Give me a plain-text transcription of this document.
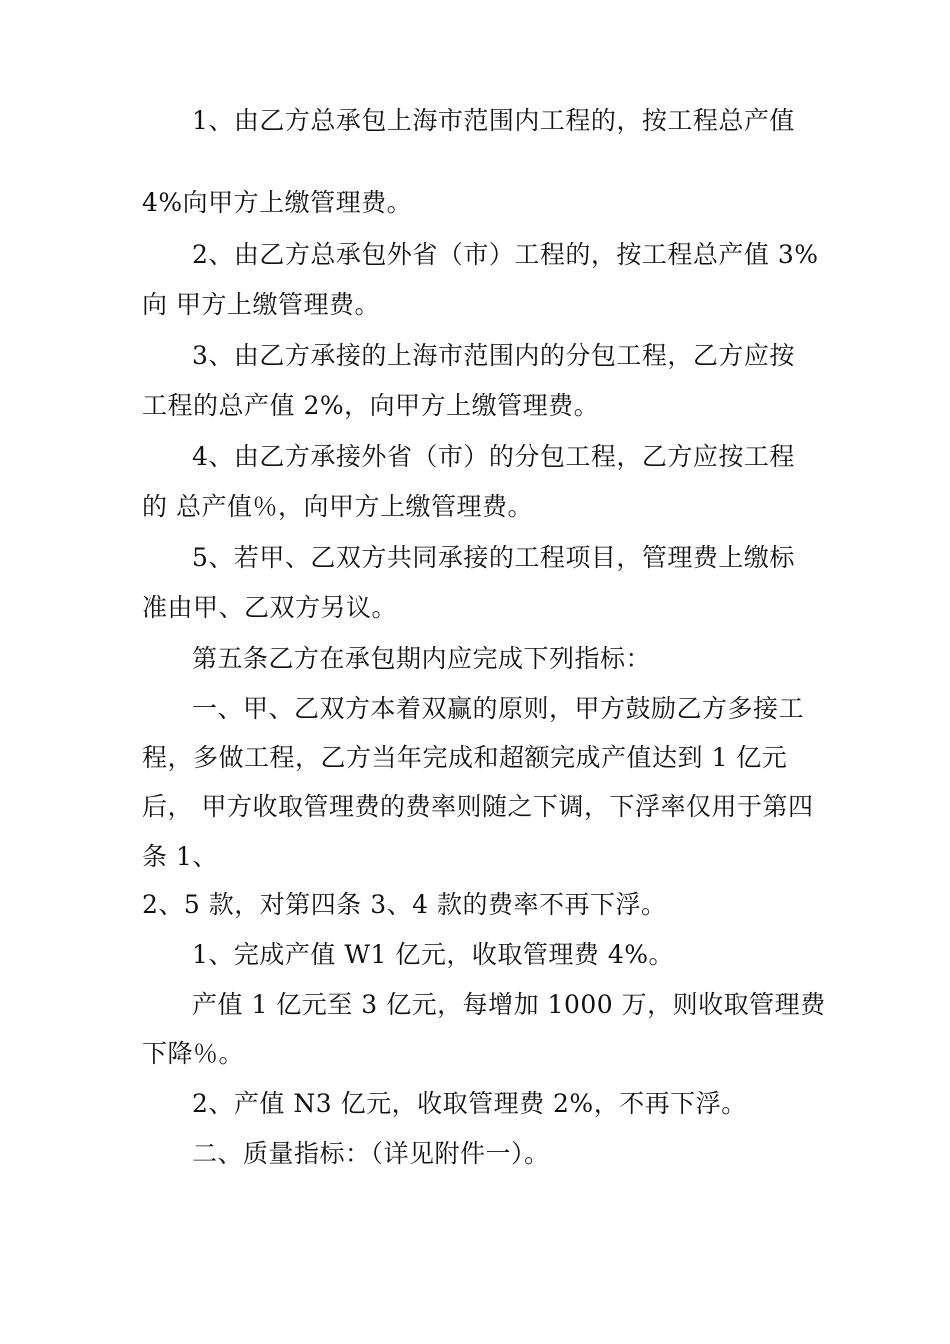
1、由乙方总承包上海市范围内工程的，按工程总产值
4%向甲方上缴管理费。
2、由乙方总承包外省（市）工程的，按工程总产值 3%
向 甲方上缴管理费。
3、由乙方承接的上海市范围内的分包工程，乙方应按
工程的总产值 2%，向甲方上缴管理费。
4、由乙方承接外省（市）的分包工程，乙方应按工程
的 总产值％，向甲方上缴管理费。
5、若甲、乙双方共同承接的工程项目，管理费上缴标
准由甲、乙双方另议。
第五条乙方在承包期内应完成下列指标：
一、甲、乙双方本着双赢的原则，甲方鼓励乙方多接工
程，多做工程，乙方当年完成和超额完成产值达到 1 亿元
后， 甲方收取管理费的费率则随之下调，下浮率仅用于第四
条 1、
2、5 款，对第四条 3、4 款的费率不再下浮。
1、完成产值 W1 亿元，收取管理费 4%。
产值 1 亿元至 3 亿元，每增加 1000 万，则收取管理费
下降％。
2、产值 N3 亿元，收取管理费 2%，不再下浮。
二、质量指标：（详见附件一）。
